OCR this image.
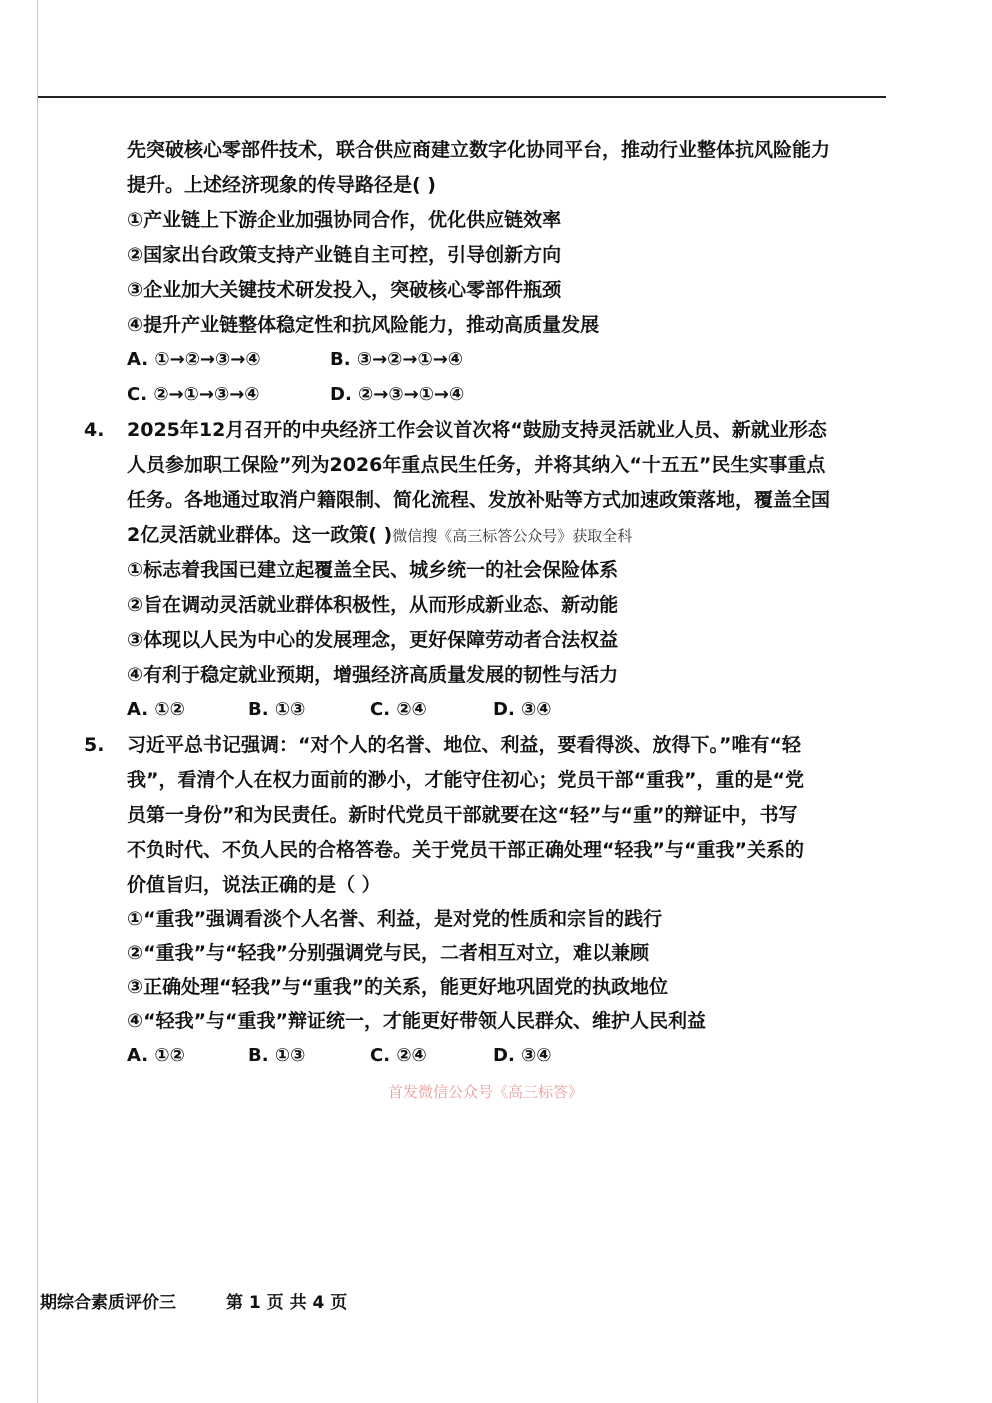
先突破核心零部件技术，联合供应商建立数字化协同平台，推动行业整体抗风险能力
提升。上述经济现象的传导路径是( )
①产业链上下游企业加强协同合作，优化供应链效率
②国家出台政策支持产业链自主可控，引导创新方向
③企业加大关键技术研发投入，突破核心零部件瓶颈
④提升产业链整体稳定性和抗风险能力，推动高质量发展
A. ①→②→③→④	B. ③→②→①→④
C. ②→①→③→④	D. ②→③→①→④
4. 2025年12月召开的中央经济工作会议首次将“鼓励支持灵活就业人员、新就业形态
人员参加职工保险”列为2026年重点民生任务，并将其纳入“十五五”民生实事重点
任务。各地通过取消户籍限制、简化流程、发放补贴等方式加速政策落地，覆盖全国
2亿灵活就业群体。这一政策( )微信搜《高三标答公众号》获取全科
①标志着我国已建立起覆盖全民、城乡统一的社会保险体系
②旨在调动灵活就业群体积极性，从而形成新业态、新动能
③体现以人民为中心的发展理念，更好保障劳动者合法权益
④有利于稳定就业预期，增强经济高质量发展的韧性与活力
A. ①②	B. ①③	C. ②④	D. ③④
5. 习近平总书记强调：“对个人的名誉、地位、利益，要看得淡、放得下。”唯有“轻
我”，看清个人在权力面前的渺小，才能守住初心；党员干部“重我”，重的是“党
员第一身份”和为民责任。新时代党员干部就要在这“轻”与“重”的辩证中，书写
不负时代、不负人民的合格答卷。关于党员干部正确处理“轻我”与“重我”关系的
价值旨归，说法正确的是（ ）
①“重我”强调看淡个人名誉、利益，是对党的性质和宗旨的践行
②“重我”与“轻我”分别强调党与民，二者相互对立，难以兼顾
③正确处理“轻我”与“重我”的关系，能更好地巩固党的执政地位
④“轻我”与“重我”辩证统一，才能更好带领人民群众、维护人民利益
A. ①②	B. ①③	C. ②④	D. ③④
首发微信公众号《高三标答》
期综合素质评价三	第 1 页 共 4 页
